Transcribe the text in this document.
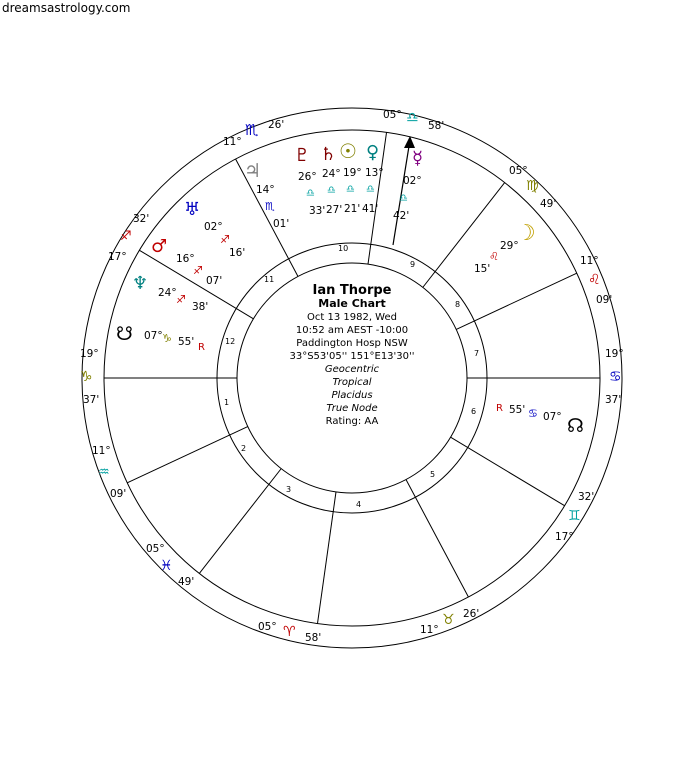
dreamsastrology.com
1
2
3
4
5
6
7
8
9
10
11
12
Ian Thorpe
Male Chart
Oct 13 1982, Wed
10:52 am AEST -10:00
Paddington Hosp NSW
33°S53'05'' 151°E13'30''
Geocentric
Tropical
Placidus
True Node
Rating: AA
19°
♑
37'
11°
♒
09'
05°
♓
49'
05° ♈ 58'
11°
♉ 26'
17°
♊
32'
19°
♋
37'
11°
♌
09'
05°
♍
49'
05° ♎ 58'
11°
♏ 26'
17°
♐
32'
♇
26°
♎
33'
♄
24°
♎
27'
☉
19°
♎
21'
♀
13°
♎
41'
☿
02°
♎
42'
♃
14°
♏
01'
♅
02°
♐
16'
♂
16°
♐
07'
♆ 24° ♐
38'
☋ 07° ♑ 55' R
☽
29°
♌
15'
R 55' ♋ 07° ☊
